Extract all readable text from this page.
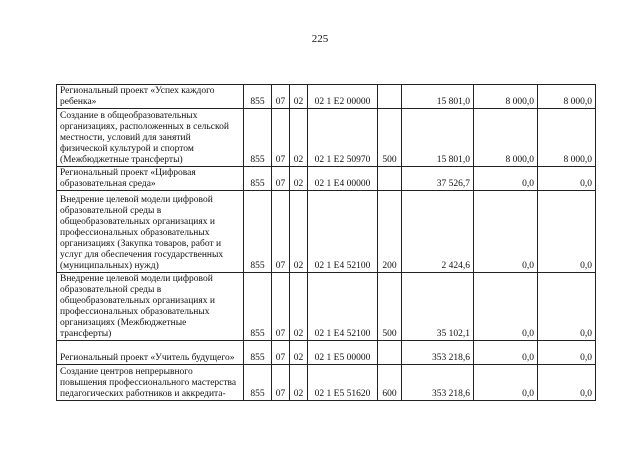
225
Региональный проект «Успех каждого ребенка»	855	07	02	02 1 E2 00000		15 801,0	8 000,0	8 000,0
Создание в общеобразовательных организациях, расположенных в сельской местности, условий для занятий физической культурой и спортом (Межбюджетные трансферты)	855	07	02	02 1 E2 50970	500	15 801,0	8 000,0	8 000,0
Региональный проект «Цифровая образовательная среда»	855	07	02	02 1 E4 00000		37 526,7	0,0	0,0
Внедрение целевой модели цифровой образовательной среды в общеобразовательных организациях и профессиональных образовательных организациях (Закупка товаров, работ и услуг для обеспечения государственных (муниципальных) нужд)	855	07	02	02 1 E4 52100	200	2 424,6	0,0	0,0
Внедрение целевой модели цифровой образовательной среды в общеобразовательных организациях и профессиональных образовательных организациях (Межбюджетные трансферты)	855	07	02	02 1 E4 52100	500	35 102,1	0,0	0,0
Региональный проект «Учитель будущего»	855	07	02	02 1 E5 00000		353 218,6	0,0	0,0
Создание центров непрерывного повышения профессионального мастерства педагогических работников и аккредита-	855	07	02	02 1 E5 51620	600	353 218,6	0,0	0,0
